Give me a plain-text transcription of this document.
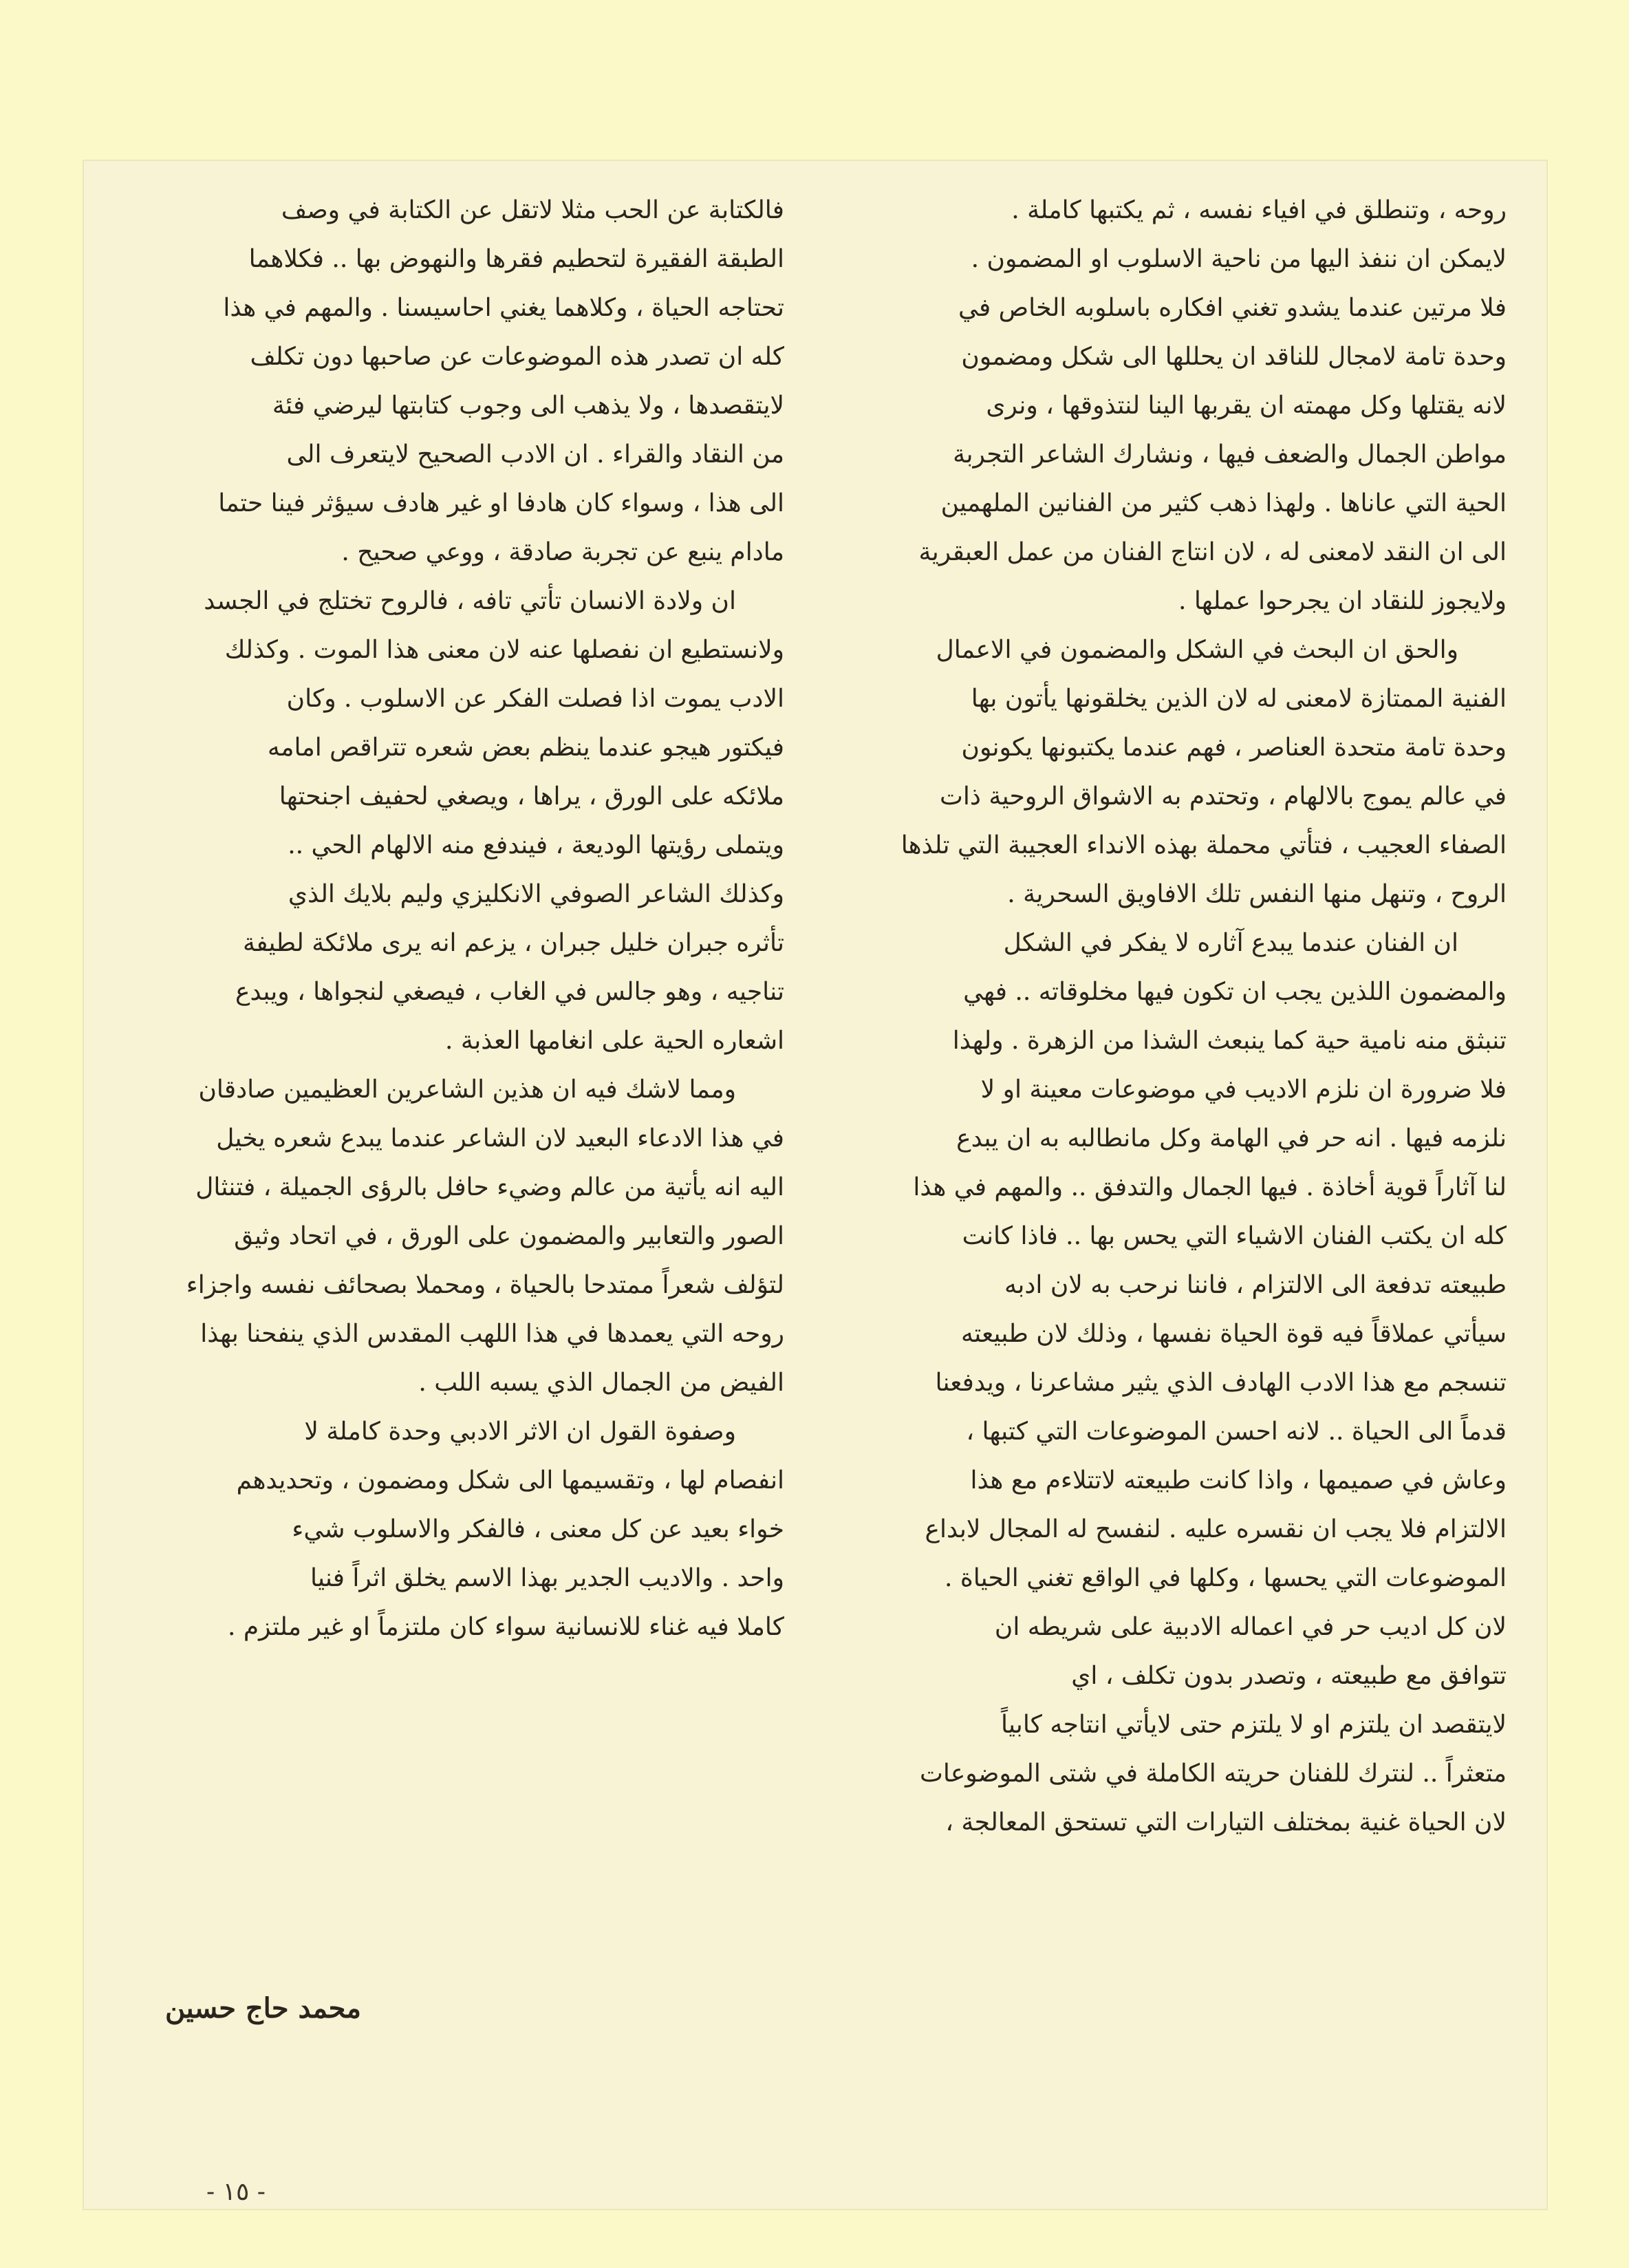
روحه ، وتنطلق في افياء نفسه ، ثم يكتبها كاملة .
لايمكن ان ننفذ اليها من ناحية الاسلوب او المضمون .
فلا مرتين عندما يشدو تغني افكاره باسلوبه الخاص في
وحدة تامة لامجال للناقد ان يحللها الى شكل ومضمون
لانه يقتلها وكل مهمته ان يقربها الينا لنتذوقها ، ونرى
مواطن الجمال والضعف فيها ، ونشارك الشاعر التجربة
الحية التي عاناها . ولهذا ذهب كثير من الفنانين الملهمين
الى ان النقد لامعنى له ، لان انتاج الفنان من عمل العبقرية
ولايجوز للنقاد ان يجرحوا عملها .
والحق ان البحث في الشكل والمضمون في الاعمال
الفنية الممتازة لامعنى له لان الذين يخلقونها يأتون بها
وحدة تامة متحدة العناصر ، فهم عندما يكتبونها يكونون
في عالم يموج بالالهام ، وتحتدم به الاشواق الروحية ذات
الصفاء العجيب ، فتأتي محملة بهذه الانداء العجيبة التي تلذها
الروح ، وتنهل منها النفس تلك الافاويق السحرية .
ان الفنان عندما يبدع آثاره لا يفكر في الشكل
والمضمون اللذين يجب ان تكون فيها مخلوقاته .. فهي
تنبثق منه نامية حية كما ينبعث الشذا من الزهرة . ولهذا
فلا ضرورة ان نلزم الاديب في موضوعات معينة او لا
نلزمه فيها . انه حر في الهامة وكل مانطالبه به ان يبدع
لنا آثاراً قوية أخاذة . فيها الجمال والتدفق .. والمهم في هذا
كله ان يكتب الفنان الاشياء التي يحس بها .. فاذا كانت
طبيعته تدفعة الى الالتزام ، فاننا نرحب به لان ادبه
سيأتي عملاقاً فيه قوة الحياة نفسها ، وذلك لان طبيعته
تنسجم مع هذا الادب الهادف الذي يثير مشاعرنا ، ويدفعنا
قدماً الى الحياة .. لانه احسن الموضوعات التي كتبها ،
وعاش في صميمها ، واذا كانت طبيعته لاتتلاءم مع هذا
الالتزام فلا يجب ان نقسره عليه . لنفسح له المجال لابداع
الموضوعات التي يحسها ، وكلها في الواقع تغني الحياة .
لان كل اديب حر في اعماله الادبية على شريطه ان
تتوافق مع طبيعته ، وتصدر بدون تكلف ، اي
لايتقصد ان يلتزم او لا يلتزم حتى لايأتي انتاجه كابياً
متعثراً .. لنترك للفنان حريته الكاملة في شتى الموضوعات
لان الحياة غنية بمختلف التيارات التي تستحق المعالجة ،
فالكتابة عن الحب مثلا لاتقل عن الكتابة في وصف
الطبقة الفقيرة لتحطيم فقرها والنهوض بها .. فكلاهما
تحتاجه الحياة ، وكلاهما يغني احاسيسنا . والمهم في هذا
كله ان تصدر هذه الموضوعات عن صاحبها دون تكلف
لايتقصدها ، ولا يذهب الى وجوب كتابتها ليرضي فئة
من النقاد والقراء . ان الادب الصحيح لايتعرف الى
الى هذا ، وسواء كان هادفا او غير هادف سيؤثر فينا حتما
مادام ينبع عن تجربة صادقة ، ووعي صحيح .
ان ولادة الانسان تأتي تافه ، فالروح تختلج في الجسد
ولانستطيع ان نفصلها عنه لان معنى هذا الموت . وكذلك
الادب يموت اذا فصلت الفكر عن الاسلوب . وكان
فيكتور هيجو عندما ينظم بعض شعره تتراقص امامه
ملائكه على الورق ، يراها ، ويصغي لحفيف اجنحتها
ويتملى رؤيتها الوديعة ، فيندفع منه الالهام الحي ..
وكذلك الشاعر الصوفي الانكليزي وليم بلايك الذي
تأثره جبران خليل جبران ، يزعم انه يرى ملائكة لطيفة
تناجيه ، وهو جالس في الغاب ، فيصغي لنجواها ، ويبدع
اشعاره الحية على انغامها العذبة .
ومما لاشك فيه ان هذين الشاعرين العظيمين صادقان
في هذا الادعاء البعيد لان الشاعر عندما يبدع شعره يخيل
اليه انه يأتية من عالم وضيء حافل بالرؤى الجميلة ، فتنثال
الصور والتعابير والمضمون على الورق ، في اتحاد وثيق
لتؤلف شعراً ممتدحا بالحياة ، ومحملا بصحائف نفسه واجزاء
روحه التي يعمدها في هذا اللهب المقدس الذي ينفحنا بهذا
الفيض من الجمال الذي يسبه اللب .
وصفوة القول ان الاثر الادبي وحدة كاملة لا
انفصام لها ، وتقسيمها الى شكل ومضمون ، وتحديدهم
خواء بعيد عن كل معنى ، فالفكر والاسلوب شيء
واحد . والاديب الجدير بهذا الاسم يخلق اثراً فنيا
كاملا فيه غناء للانسانية سواء كان ملتزماً او غير ملتزم .
محمد حاج حسين
- ١٥ -
